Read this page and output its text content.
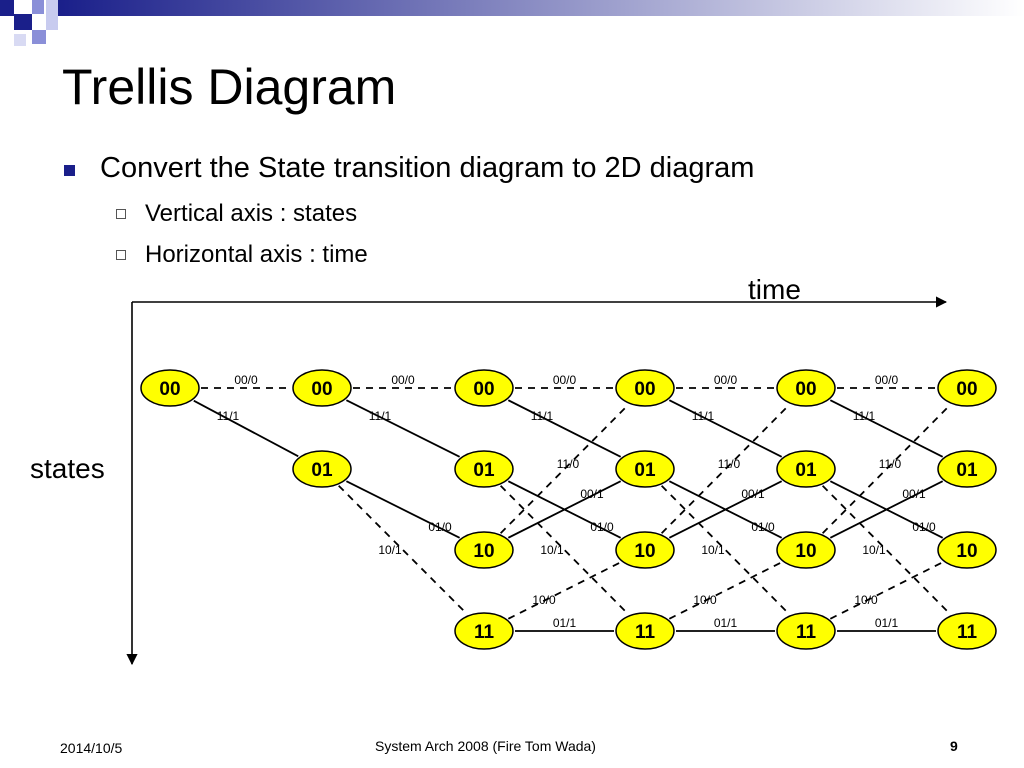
Trellis Diagram
Convert the State transition diagram to 2D diagram
Vertical axis : states
Horizontal axis : time
time
states
00/0
11/1
00/0
11/1
10/1
01/0
00/0
11/1
10/1
01/0
11/0
00/1
10/0
01/1
00/0
11/1
10/1
01/0
11/0
00/1
10/0
01/1
00/0
11/1
10/1
01/0
11/0
00/1
10/0
01/1
00	00
01
00
01
10
11
00
01
10
11
00
01
10
11
00
01
10
11
2014/10/5	System Arch 2008 (Fire Tom Wada)	9
